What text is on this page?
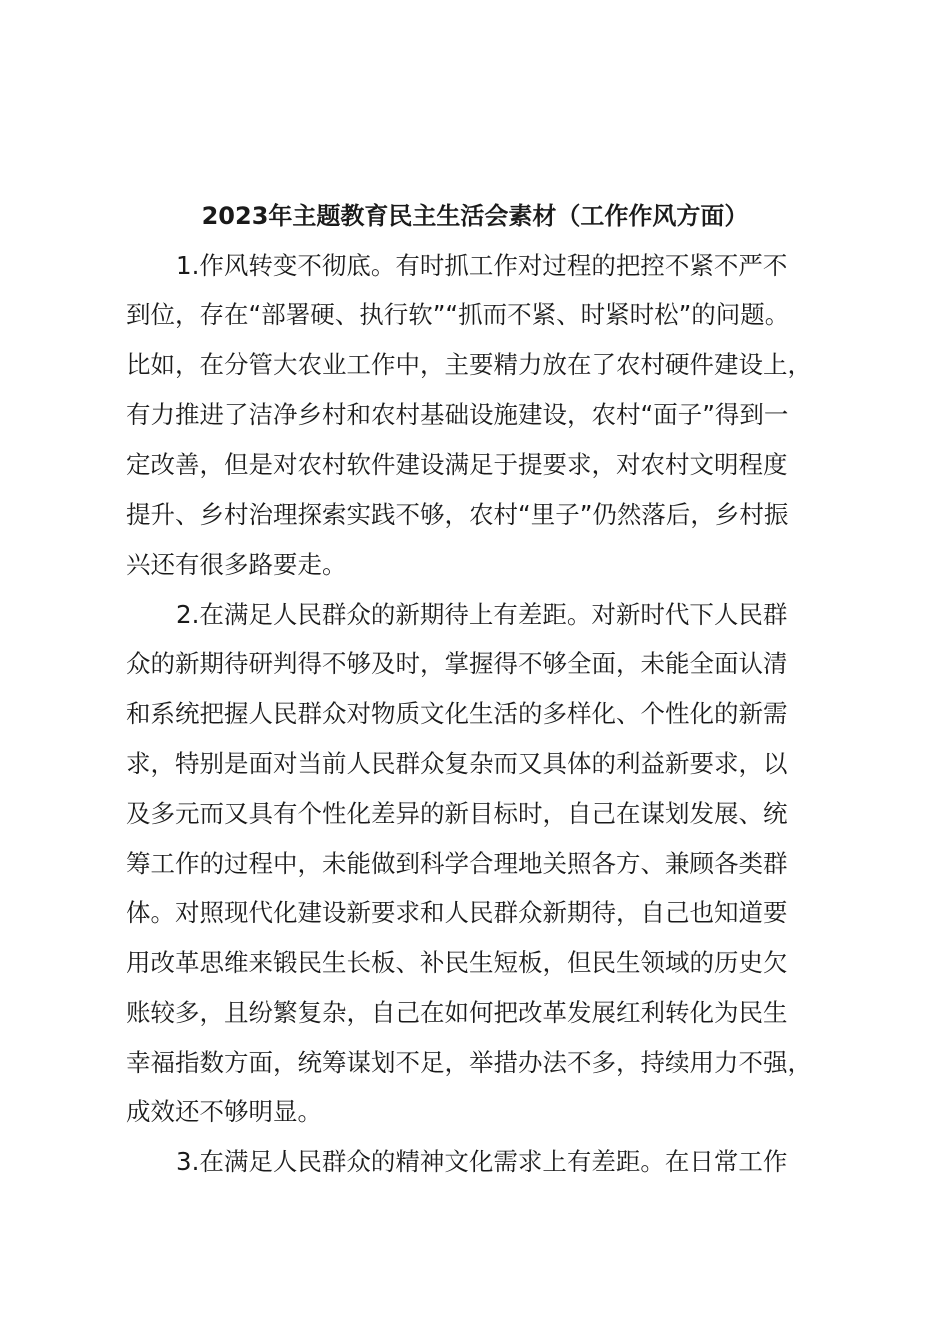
2023年主题教育民主生活会素材（工作作风方面）
1.作风转变不彻底。有时抓工作对过程的把控不紧不严不
到位，存在“部署硬、执行软”“抓而不紧、时紧时松”的问题。
比如，在分管大农业工作中，主要精力放在了农村硬件建设上，
有力推进了洁净乡村和农村基础设施建设，农村“面子”得到一
定改善，但是对农村软件建设满足于提要求，对农村文明程度
提升、乡村治理探索实践不够，农村“里子”仍然落后，乡村振
兴还有很多路要走。
2.在满足人民群众的新期待上有差距。对新时代下人民群
众的新期待研判得不够及时，掌握得不够全面，未能全面认清
和系统把握人民群众对物质文化生活的多样化、个性化的新需
求，特别是面对当前人民群众复杂而又具体的利益新要求，以
及多元而又具有个性化差异的新目标时，自己在谋划发展、统
筹工作的过程中，未能做到科学合理地关照各方、兼顾各类群
体。对照现代化建设新要求和人民群众新期待，自己也知道要
用改革思维来锻民生长板、补民生短板，但民生领域的历史欠
账较多，且纷繁复杂，自己在如何把改革发展红利转化为民生
幸福指数方面，统筹谋划不足，举措办法不多，持续用力不强，
成效还不够明显。
3.在满足人民群众的精神文化需求上有差距。在日常工作
